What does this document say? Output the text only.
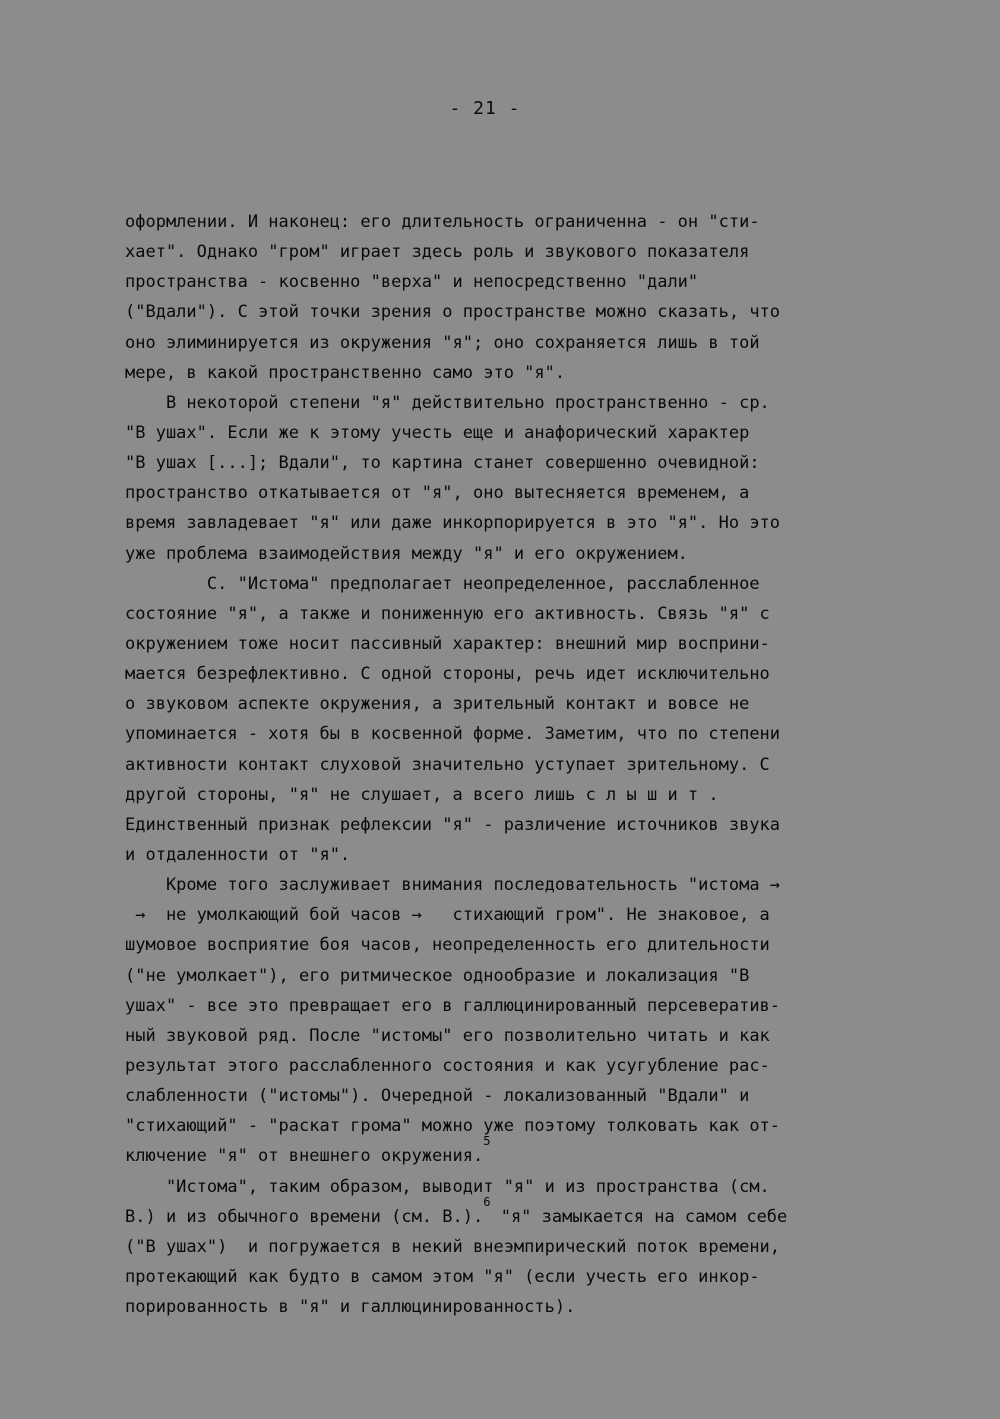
- 21 -
оформлении. И наконец: его длительность ограниченна - он "сти-
хает". Однако "гром" играет здесь роль и звукового показателя
пространства - косвенно "верха" и непосредственно "дали"
("Вдали"). С этой точки зрения о пространстве можно сказать, что
оно элиминируется из окружения "я"; оно сохраняется лишь в той
мере, в какой пространственно само это "я".
В некоторой степени "я" действительно пространственно - ср.
"В ушах". Если же к этому учесть еще и анафорический характер
"В ушах [...]; Вдали", то картина станет совершенно очевидной:
пространство откатывается от "я", оно вытесняется временем, а
время завладевает "я" или даже инкорпорируется в это "я". Но это
уже проблема взаимодействия между "я" и его окружением.
С. "Истома" предполагает неопределенное, расслабленное
состояние "я", а также и пониженную его активность. Связь "я" с
окружением тоже носит пассивный характер: внешний мир восприни-
мается безрефлективно. С одной стороны, речь идет исключительно
о звуковом аспекте окружения, а зрительный контакт и вовсе не
упоминается - хотя бы в косвенной форме. Заметим, что по степени
активности контакт слуховой значительно уступает зрительному. С
другой стороны, "я" не слушает, а всего лишь с л ы ш и т .
Единственный признак рефлексии "я" - различение источников звука
и отдаленности от "я".
Кроме того заслуживает внимания последовательность "истома →
→  не умолкающий бой часов →   стихающий гром". Не знаковое, а
шумовое восприятие боя часов, неопределенность его длительности
("не умолкает"), его ритмическое однообразие и локализация "В
ушах" - все это превращает его в галлюцинированный персевератив-
ный звуковой ряд. После "истомы" его позволительно читать и как
результат этого расслабленного состояния и как усугубление рас-
слабленности ("истомы"). Очередной - локализованный "Вдали" и
"стихающий" - "раскат грома" можно уже поэтому толковать как от-
ключение "я" от внешнего окружения.$^5$
"Истома", таким образом, выводит "я" и из пространства (см.
В.) и из обычного времени (см. В.).$^6$ "я" замыкается на самом себе
("В ушах")  и погружается в некий внеэмпирический поток времени,
протекающий как будто в самом этом "я" (если учесть его инкор-
порированность в "я" и галлюцинированность).
